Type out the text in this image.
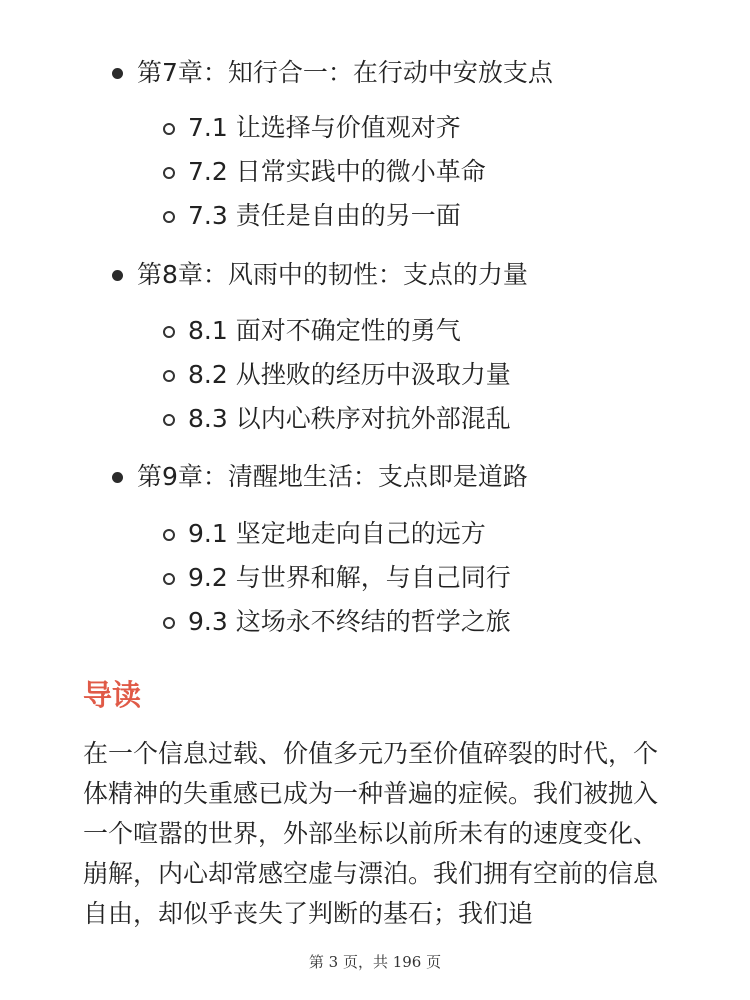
第7章：知行合一：在行动中安放支点
7.1 让选择与价值观对齐
7.2 日常实践中的微小革命
7.3 责任是自由的另一面
第8章：风雨中的韧性：支点的力量
8.1 面对不确定性的勇气
8.2 从挫败的经历中汲取力量
8.3 以内心秩序对抗外部混乱
第9章：清醒地生活：支点即是道路
9.1 坚定地走向自己的远方
9.2 与世界和解，与自己同行
9.3 这场永不终结的哲学之旅
导读
在一个信息过载、价值多元乃至价值碎裂的时代，个体精神的失重感已成为一种普遍的症候。我们被抛入一个喧嚣的世界，外部坐标以前所未有的速度变化、崩解，内心却常感空虚与漂泊。我们拥有空前的信息自由，却似乎丧失了判断的基石；我们追
第 3 页，共 196 页
